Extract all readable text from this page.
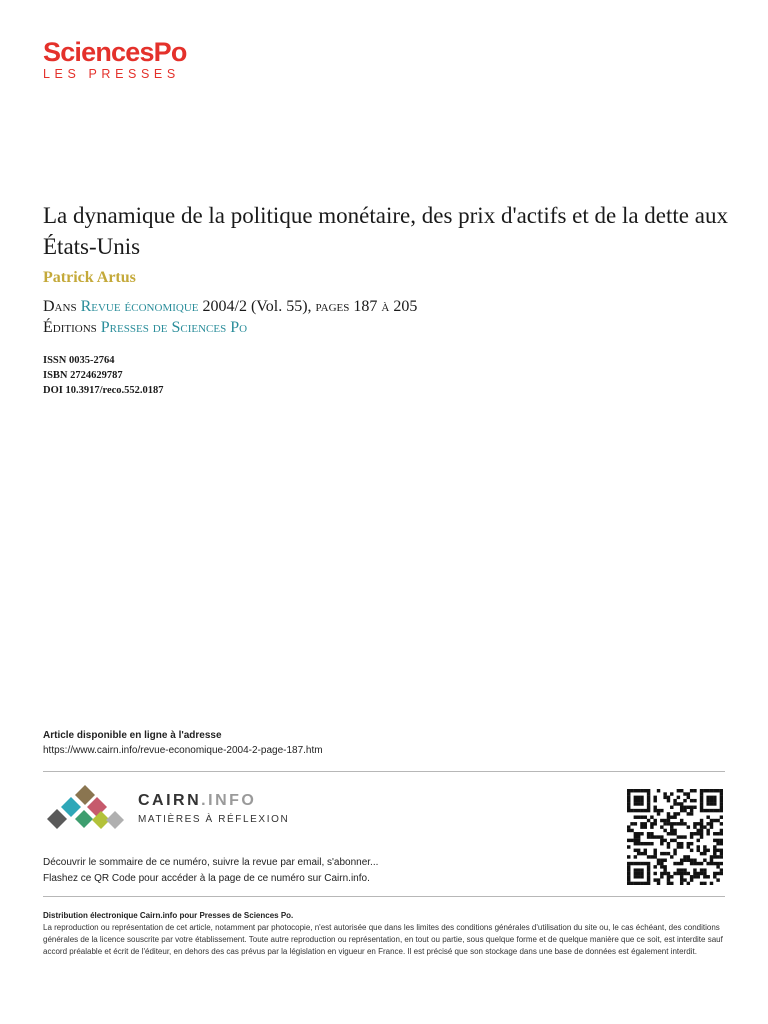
SciencesPo
LES PRESSES
La dynamique de la politique monétaire, des prix d'actifs et de la dette aux États-Unis
Patrick Artus
Dans Revue économique 2004/2 (Vol. 55), pages 187 à 205
Éditions Presses de Sciences Po
ISSN 0035-2764
ISBN 2724629787
DOI 10.3917/reco.552.0187
Article disponible en ligne à l'adresse
https://www.cairn.info/revue-economique-2004-2-page-187.htm
CAIRN.INFO
MATIÈRES À RÉFLEXION
Découvrir le sommaire de ce numéro, suivre la revue par email, s'abonner...
Flashez ce QR Code pour accéder à la page de ce numéro sur Cairn.info.
Distribution électronique Cairn.info pour Presses de Sciences Po.
La reproduction ou représentation de cet article, notamment par photocopie, n'est autorisée que dans les limites des conditions générales d'utilisation du site ou, le cas échéant, des conditions générales de la licence souscrite par votre établissement. Toute autre reproduction ou représentation, en tout ou partie, sous quelque forme et de quelque manière que ce soit, est interdite sauf accord préalable et écrit de l'éditeur, en dehors des cas prévus par la législation en vigueur en France. Il est précisé que son stockage dans une base de données est également interdit.
